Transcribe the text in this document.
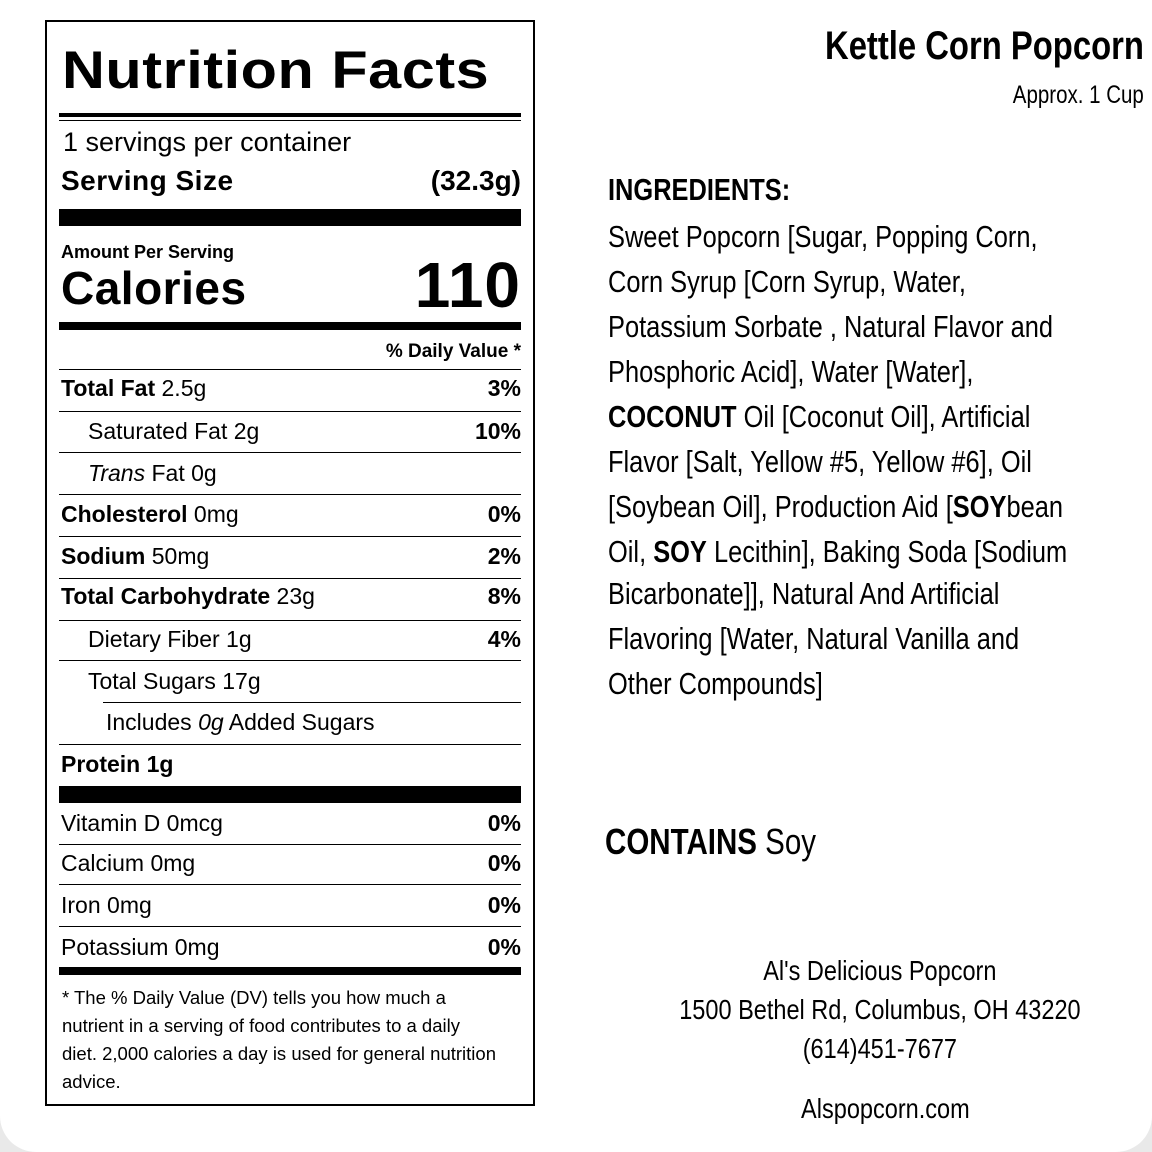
Nutrition Facts
1 servings per container
Serving Size	(32.3g)
Amount Per Serving
Calories	110
% Daily Value *
Total Fat 2.5g	3%
Saturated Fat 2g	10%
Trans Fat 0g
Cholesterol 0mg	0%
Sodium 50mg	2%
Total Carbohydrate 23g	8%
Dietary Fiber 1g	4%
Total Sugars 17g
Includes 0g Added Sugars
Protein 1g
Vitamin D 0mcg	0%
Calcium 0mg	0%
Iron 0mg	0%
Potassium 0mg	0%
* The % Daily Value (DV) tells you how much a
nutrient in a serving of food contributes to a daily
diet. 2,000 calories a day is used for general nutrition
advice.
Kettle Corn Popcorn
Approx. 1 Cup
INGREDIENTS:
Sweet Popcorn [Sugar, Popping Corn,
Corn Syrup [Corn Syrup, Water,
Potassium Sorbate , Natural Flavor and
Phosphoric Acid], Water [Water],
COCONUT Oil [Coconut Oil], Artificial
Flavor [Salt, Yellow #5, Yellow #6], Oil
[Soybean Oil], Production Aid [SOYbean
Oil, SOY Lecithin], Baking Soda [Sodium
Bicarbonate]], Natural And Artificial
Flavoring [Water, Natural Vanilla and
Other Compounds]
CONTAINS Soy
Al's Delicious Popcorn
1500 Bethel Rd, Columbus, OH 43220
(614)451-7677
Alspopcorn.com
